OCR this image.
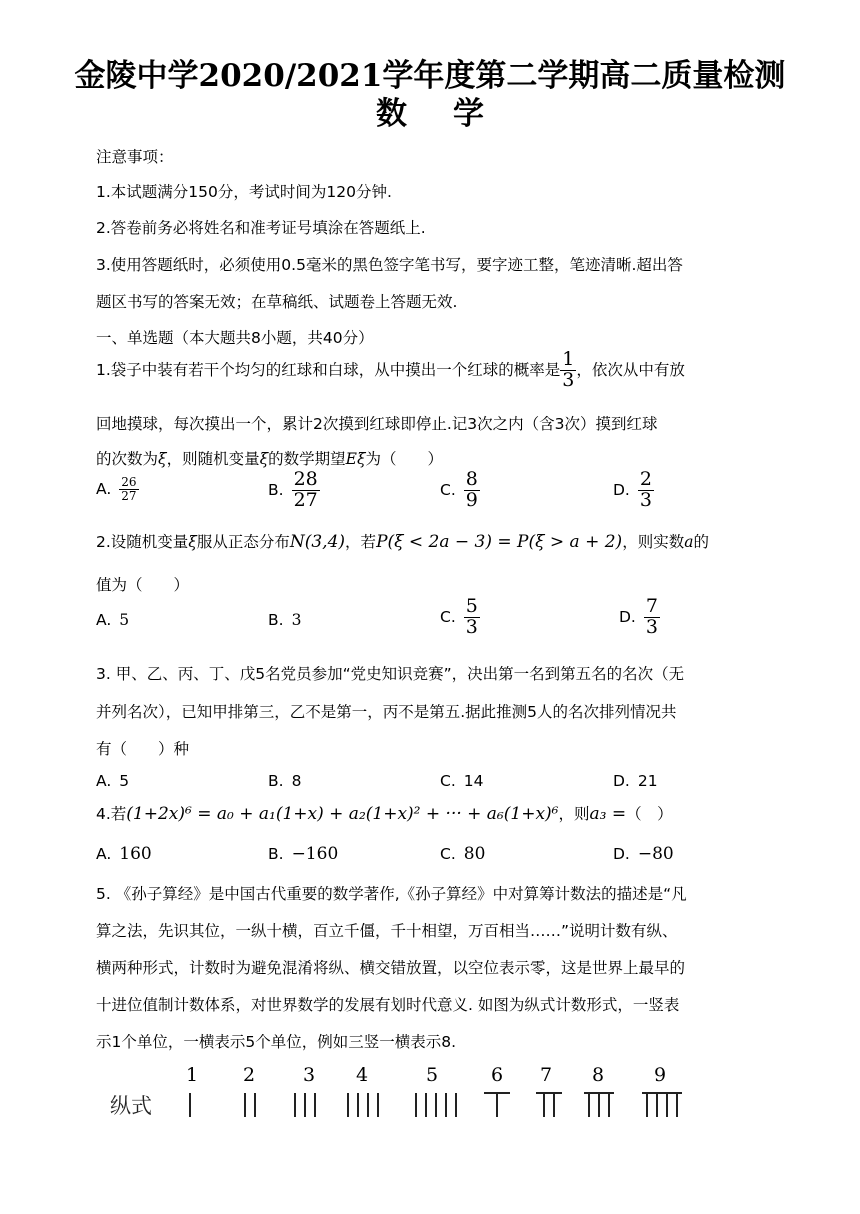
金陵中学2020/2021学年度第二学期高二质量检测
数 学
注意事项：
1.本试题满分150分，考试时间为120分钟.
2.答卷前务必将姓名和准考证号填涂在答题纸上.
3.使用答题纸时，必须使用0.5毫米的黑色签字笔书写，要字迹工整，笔迹清晰.超出答
题区书写的答案无效；在草稿纸、试题卷上答题无效.
一、单选题（本大题共8小题，共40分）
1.袋子中装有若干个均匀的红球和白球，从中摸出一个红球的概率是 $\frac{1}{3}$ ，依次从中有放
回地摸球，每次摸出一个，累计2次摸到红球即停止.记3次之内（含3次）摸到红球
的次数为ξ，则随机变量ξ的数学期望Eξ为（　　）
A. $\frac{26}{27}$	B. $\frac{28}{27}$	C. $\frac{8}{9}$	D. $\frac{2}{3}$
2.设随机变量ξ服从正态分布N(3,4)，若P(ξ < 2a − 3) = P(ξ > a + 2)，则实数a的
值为（　　）
A. 5	B. 3	C. $\frac{5}{3}$	D. $\frac{7}{3}$
3. 甲、乙、丙、丁、戊5名党员参加“党史知识竞赛”，决出第一名到第五名的名次（无
并列名次），已知甲排第三，乙不是第一，丙不是第五.据此推测5人的名次排列情况共
有（　　）种
A. 5	B. 8	C. 14	D. 21
4.若(1+2x)⁶ = a₀ + a₁(1+x) + a₂(1+x)² + ··· + a₆(1+x)⁶，则a₃ =（　）
A. 160	B. −160	C. 80	D. −80
5. 《孙子算经》是中国古代重要的数学著作,《孙子算经》中对算筹计数法的描述是“凡
算之法，先识其位，一纵十横，百立千僵，千十相望，万百相当……”说明计数有纵、
横两种形式，计数时为避免混淆将纵、横交错放置，以空位表示零，这是世界上最早的
十进位值制计数体系，对世界数学的发展有划时代意义. 如图为纵式计数形式，一竖表
示1个单位，一横表示5个单位，例如三竖一横表示8.
纵式
1 2	3 4	5	6 7 8	9
